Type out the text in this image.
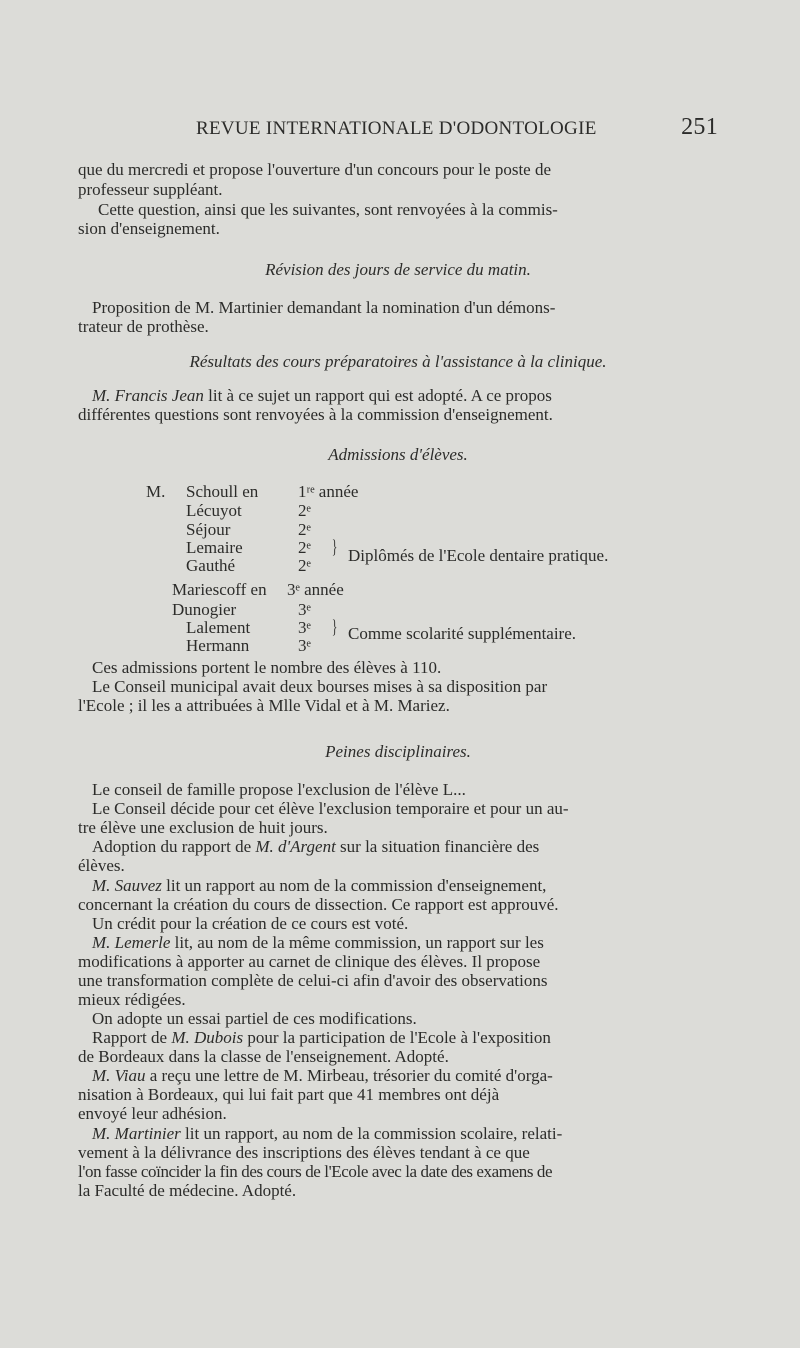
REVUE INTERNATIONALE D'ODONTOLOGIE	251
que du mercredi et propose l'ouverture d'un concours pour le poste de
professeur suppléant.
Cette question, ainsi que les suivantes, sont renvoyées à la commis-
sion d'enseignement.
Révision des jours de service du matin.
Proposition de M. Martinier demandant la nomination d'un démons-
trateur de prothèse.
Résultats des cours préparatoires à l'assistance à la clinique.
M. Francis Jean lit à ce sujet un rapport qui est adopté. A ce propos
différentes questions sont renvoyées à la commission d'enseignement.
Admissions d'élèves.
M. Schoull en 1ʳᵉ année
Lécuyot	2ᵉ
Séjour	2ᵉ
Lemaire	2ᵉ
Gauthé	2ᵉ
} Diplômés de l'Ecole dentaire pratique.
Mariescoff en 3ᵉ année
Dunogier	3ᵉ
Lalement	3ᵉ
Hermann	3ᵉ
} Comme scolarité supplémentaire.
Ces admissions portent le nombre des élèves à 110.
Le Conseil municipal avait deux bourses mises à sa disposition par
l'Ecole ; il les a attribuées à Mlle Vidal et à M. Mariez.
Peines disciplinaires.
Le conseil de famille propose l'exclusion de l'élève L...
Le Conseil décide pour cet élève l'exclusion temporaire et pour un au-
tre élève une exclusion de huit jours.
Adoption du rapport de M. d'Argent sur la situation financière des
élèves.
M. Sauvez lit un rapport au nom de la commission d'enseignement,
concernant la création du cours de dissection. Ce rapport est approuvé.
Un crédit pour la création de ce cours est voté.
M. Lemerle lit, au nom de la même commission, un rapport sur les
modifications à apporter au carnet de clinique des élèves. Il propose
une transformation complète de celui-ci afin d'avoir des observations
mieux rédigées.
On adopte un essai partiel de ces modifications.
Rapport de M. Dubois pour la participation de l'Ecole à l'exposition
de Bordeaux dans la classe de l'enseignement. Adopté.
M. Viau a reçu une lettre de M. Mirbeau, trésorier du comité d'orga-
nisation à Bordeaux, qui lui fait part que 41 membres ont déjà
envoyé leur adhésion.
M. Martinier lit un rapport, au nom de la commission scolaire, relati-
vement à la délivrance des inscriptions des élèves tendant à ce que
l'on fasse coïncider la fin des cours de l'Ecole avec la date des examens de
la Faculté de médecine. Adopté.
